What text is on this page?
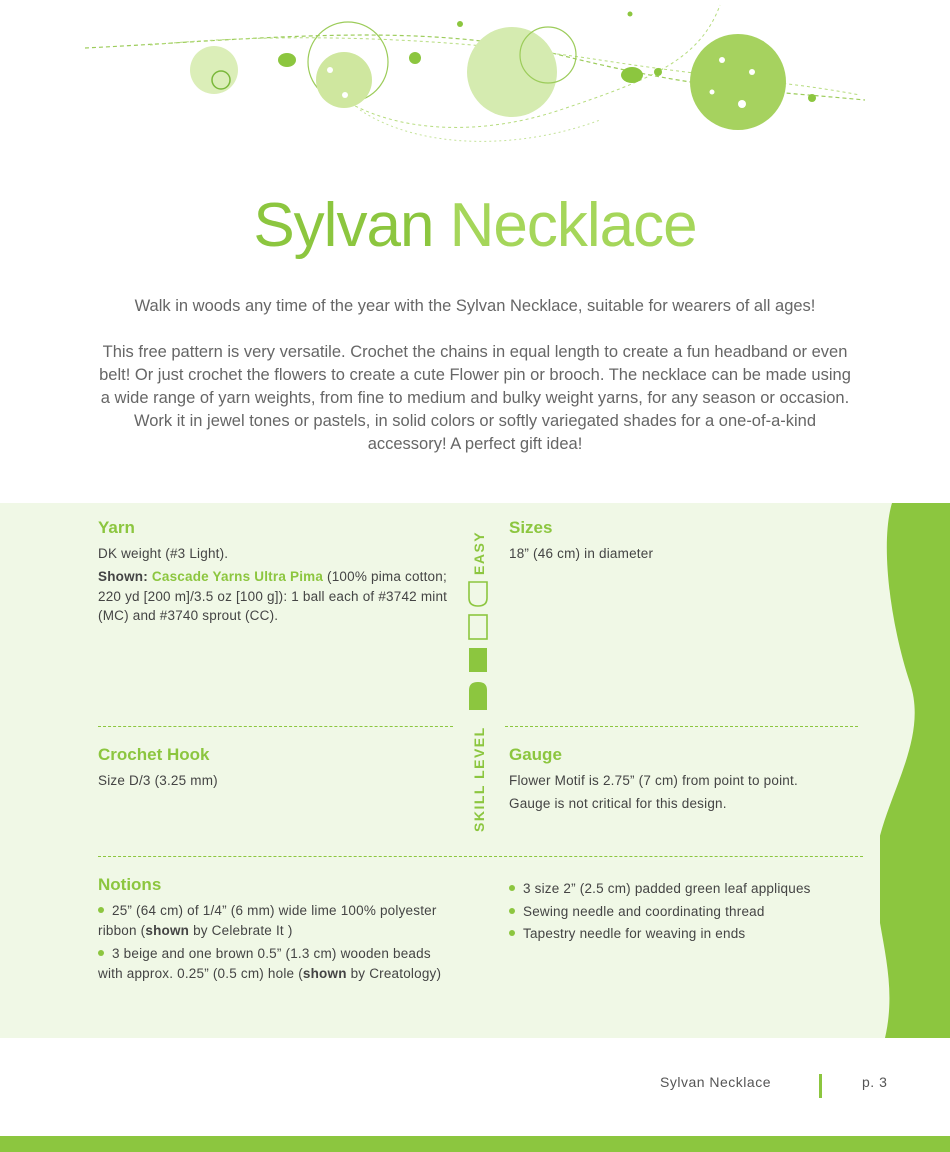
Sylvan Necklace

Walk in woods any time of the year with the Sylvan Necklace, suitable for wearers of all ages!

This free pattern is very versatile. Crochet the chains in equal length to create a fun headband or even belt! Or just crochet the flowers to create a cute Flower pin or brooch. The necklace can be made using a wide range of yarn weights, from fine to medium and bulky weight yarns, for any season or occasion. Work it in jewel tones or pastels, in solid colors or softly variegated shades for a one-of-a-kind accessory! A perfect gift idea!

Yarn

DK weight (#3 Light).

Shown: Cascade Yarns Ultra Pima (100% pima cotton; 220 yd [200 m]/3.5 oz [100 g]): 1 ball each of #3742 mint (MC) and #3740 sprout (CC).

Sizes

18” (46 cm) in diameter

EASY
SKILL LEVEL
Crochet Hook

Size D/3 (3.25 mm)

Gauge

Flower Motif is 2.75” (7 cm) from point to point.

Gauge is not critical for this design.

Notions

25” (64 cm) of 1/4” (6 mm) wide lime 100% polyester ribbon (shown by Celebrate It )

3 beige and one brown 0.5” (1.3 cm) wooden beads with approx. 0.25” (0.5 cm) hole (shown by Creatology)

3 size 2” (2.5 cm) padded green leaf appliques
Sewing needle and coordinating thread
Tapestry needle for weaving in ends
Sylvan Necklace	p. 3
